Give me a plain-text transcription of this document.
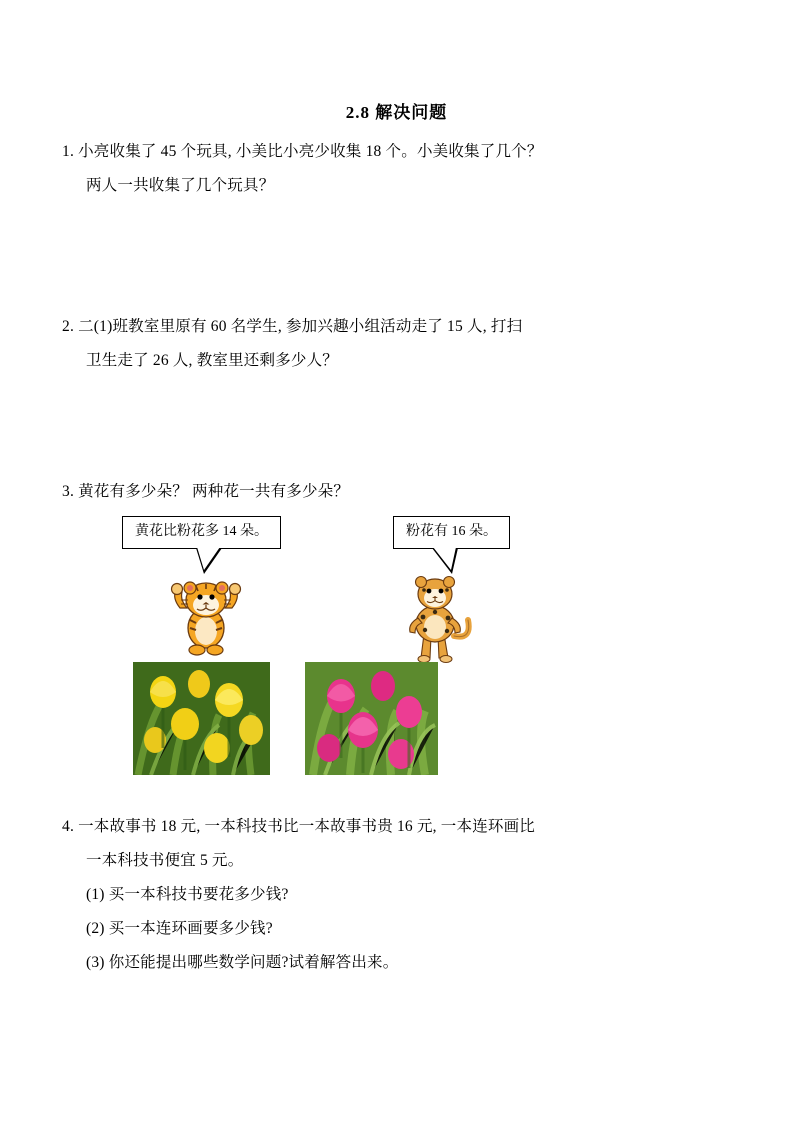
2.8 解决问题
1. 小亮收集了 45 个玩具, 小美比小亮少收集 18 个。小美收集了几个？
两人一共收集了几个玩具？
2. 二(1)班教室里原有 60 名学生, 参加兴趣小组活动走了 15 人, 打扫
卫生走了 26 人, 教室里还剩多少人？
3. 黄花有多少朵？ 两种花一共有多少朵？
黄花比粉花多 14 朵。	粉花有 16 朵。
4. 一本故事书 18 元, 一本科技书比一本故事书贵 16 元, 一本连环画比
一本科技书便宜 5 元。
(1) 买一本科技书要花多少钱?
(2) 买一本连环画要多少钱?
(3) 你还能提出哪些数学问题?试着解答出来。
